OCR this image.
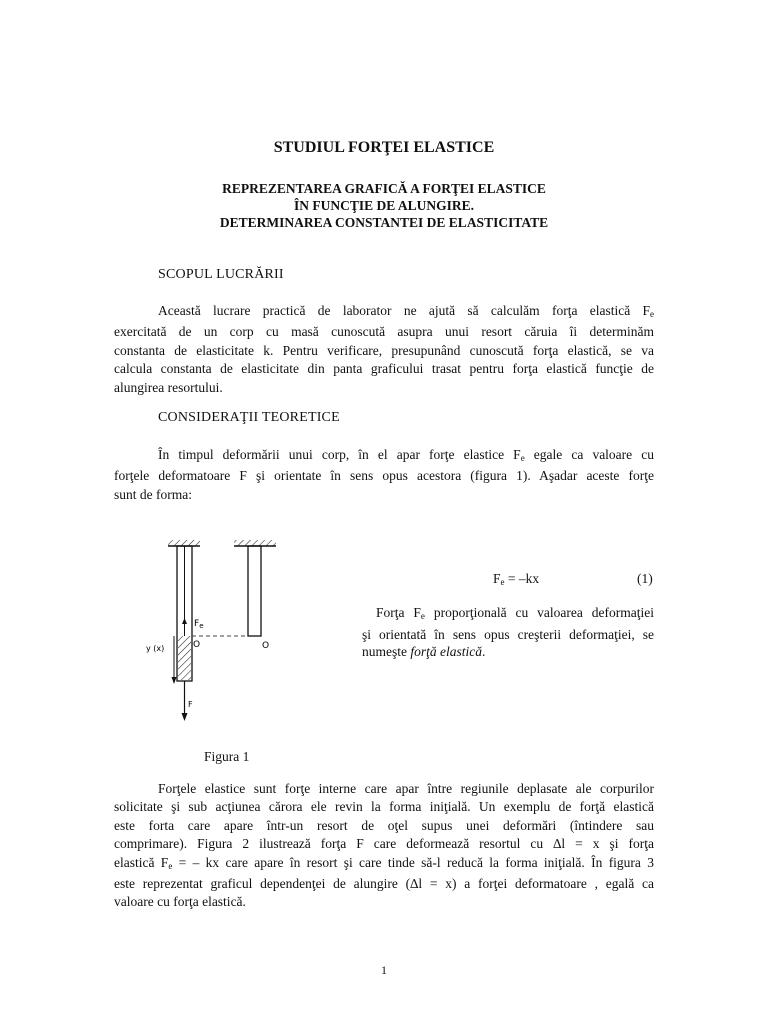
STUDIUL FORŢEI ELASTICE
REPREZENTAREA GRAFICĂ A FORŢEI ELASTICE
ÎN FUNCŢIE DE ALUNGIRE.
DETERMINAREA CONSTANTEI DE ELASTICITATE
SCOPUL LUCRĂRII
Această lucrare practică de laborator ne ajută să calculăm forţa elastică $F_e$
exercitată de un corp cu masă cunoscută asupra unui resort căruia îi determinăm
constanta de elasticitate k. Pentru verificare, presupunând cunoscută forţa elastică, se va
calcula constanta de elasticitate din panta graficului trasat pentru forţa elastică funcţie de
alungirea resortului.
CONSIDERAŢII TEORETICE
În timpul deformării unui corp, în el apar forţe elastice $F_e$ egale ca valoare cu
forţele deformatoare F şi orientate în sens opus acestora (figura 1). Aşadar aceste forţe
sunt de forma:
$F_e$
O	O
y (x)
F
$F_e = -kx$	(1)
Forţa $F_e$ proporţională cu valoarea deformaţiei
şi orientată în sens opus creşterii deformaţiei, se
numeşte forţă elastică.
Figura 1
Forţele elastice sunt forţe interne care apar între regiunile deplasate ale corpurilor
solicitate şi sub acţiunea cărora ele revin la forma iniţială. Un exemplu de forţă elastică
este forta care apare într-un resort de oţel supus unei deformări (întindere sau
comprimare). Figura 2 ilustrează forţa F care deformează resortul cu ∆l = x şi forţa
elastică $F_e$ = – kx care apare în resort şi care tinde să-l reducă la forma iniţială. În figura 3
este reprezentat graficul dependenţei de alungire (∆l = x) a forţei deformatoare , egală ca
valoare cu forţa elastică.
1
